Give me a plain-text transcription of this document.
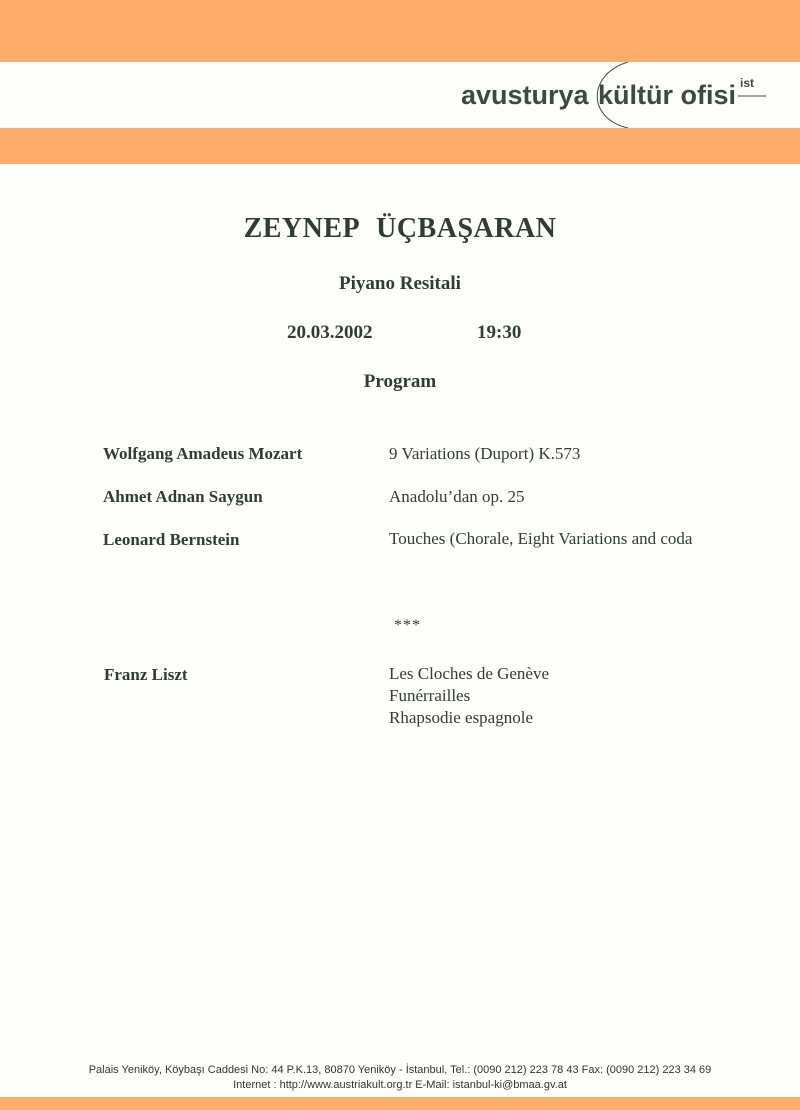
avusturya kültür ofisi ist
ZEYNEP ÜÇBAŞARAN
Piyano Resitali
20.03.2002	19:30
Program
Wolfgang Amadeus Mozart	9 Variations (Duport) K.573
Ahmet Adnan Saygun	Anadolu’dan op. 25
Leonard Bernstein	Touches (Chorale, Eight Variations and coda
***
Franz Liszt	Les Cloches de Genève
Funérrailles
Rhapsodie espagnole
Palais Yeniköy, Köybaşı Caddesi No: 44 P.K.13, 80870 Yeniköy - İstanbul, Tel.: (0090 212) 223 78 43 Fax: (0090 212) 223 34 69
Internet : http://www.austriakult.org.tr E-Mail: istanbul-ki@bmaa.gv.at
